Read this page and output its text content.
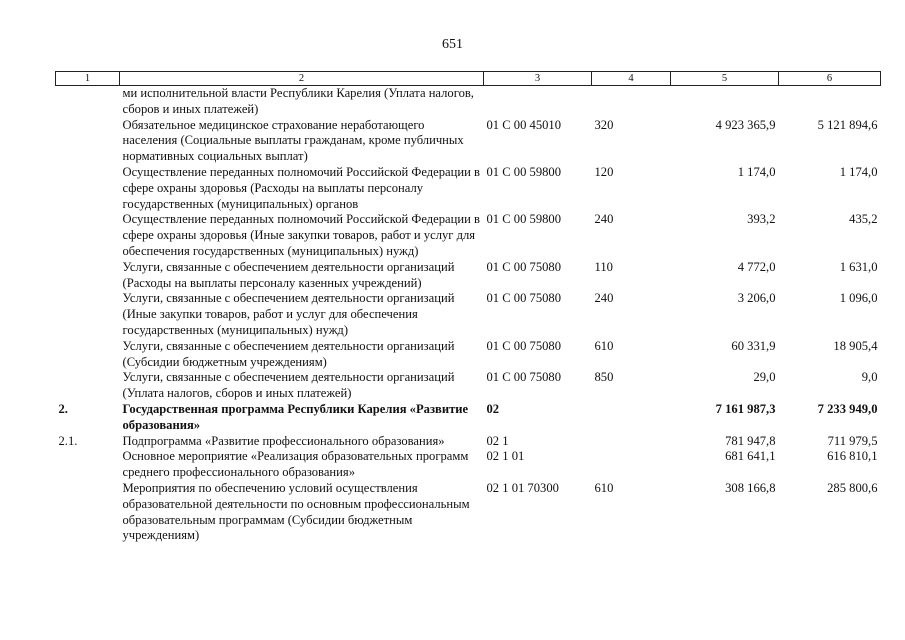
651
1	2	3	4	5	6
	ми исполнительной власти Республики Карелия (Уплата налогов, сборов и иных платежей)				
	Обязательное медицинское страхование неработающего населения (Социальные выплаты гражданам, кроме публичных нормативных социальных выплат)	01 С 00 45010	320	4 923 365,9	5 121 894,6
	Осуществление переданных полномочий Российской Федерации в сфере охраны здоровья (Расходы на выплаты персоналу государственных (муниципальных) органов	01 С 00 59800	120	1 174,0	1 174,0
	Осуществление переданных полномочий Российской Федерации в сфере охраны здоровья (Иные закупки товаров, работ и услуг для обеспечения государственных (муниципальных) нужд)	01 С 00 59800	240	393,2	435,2
	Услуги, связанные с обеспечением деятельности организаций (Расходы на выплаты персоналу казенных учреждений)	01 С 00 75080	110	4 772,0	1 631,0
	Услуги, связанные с обеспечением деятельности организаций (Иные закупки товаров, работ и услуг для обеспечения государственных (муниципальных) нужд)	01 С 00 75080	240	3 206,0	1 096,0
	Услуги, связанные с обеспечением деятельности организаций (Субсидии бюджетным учреждениям)	01 С 00 75080	610	60 331,9	18 905,4
	Услуги, связанные с обеспечением деятельности организаций (Уплата налогов, сборов и иных платежей)	01 С 00 75080	850	29,0	9,0
2.	Государственная программа Республики Карелия «Развитие образования»	02		7 161 987,3	7 233 949,0
2.1.	Подпрограмма «Развитие профессионального образования»	02 1		781 947,8	711 979,5
	Основное мероприятие «Реализация образовательных программ среднего профессионального образования»	02 1 01		681 641,1	616 810,1
	Мероприятия по обеспечению условий осуществления образовательной деятельности по основным профессиональным образовательным программам (Субсидии бюджетным учреждениям)	02 1 01 70300	610	308 166,8	285 800,6
